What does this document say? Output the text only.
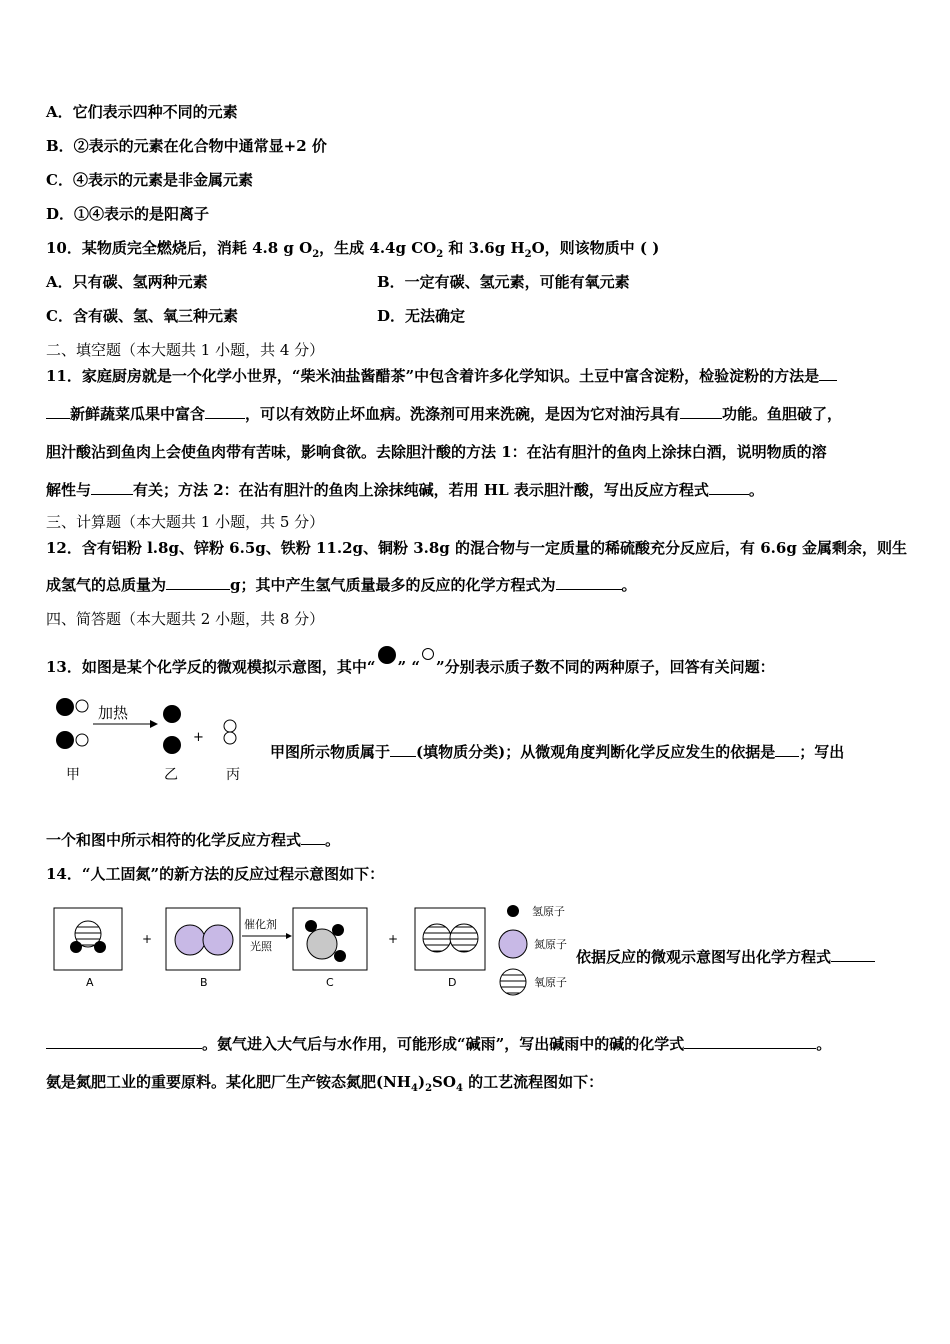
A．它们表示四种不同的元素
B．②表示的元素在化合物中通常显+2 价
C．④表示的元素是非金属元素
D．①④表示的是阳离子
10．某物质完全燃烧后，消耗 4.8 g $O_2$，生成 4.4g $CO_2$ 和 3.6g $H_2O$，则该物质中 ( )
A．只有碳、氢两种元素	B．一定有碳、氢元素，可能有氧元素
C．含有碳、氢、氧三种元素	D．无法确定
二、填空题（本大题共 1 小题，共 4 分）
11．家庭厨房就是一个化学小世界，“柴米油盐酱醋茶”中包含着许多化学知识。土豆中富含淀粉，检验淀粉的方法是
新鲜蔬菜瓜果中富含	，可以有效防止坏血病。洗涤剂可用来洗碗，是因为它对油污具有	功能。鱼胆破了，
胆汁酸沾到鱼肉上会使鱼肉带有苦味，影响食欲。去除胆汁酸的方法 1：在沾有胆汁的鱼肉上涂抹白酒，说明物质的溶
解性与	有关；方法 2：在沾有胆汁的鱼肉上涂抹纯碱，若用 HL 表示胆汁酸，写出反应方程式	。
三、计算题（本大题共 1 小题，共 5 分）
12．含有铝粉 l.8g、锌粉 6.5g、铁粉 11.2g、铜粉 3.8g 的混合物与一定质量的稀硫酸充分反应后，有 6.6g 金属剩余，则生
成氢气的总质量为	g；其中产生氢气质量最多的反应的化学方程式为	。
四、简答题（本大题共 2 小题，共 8 分）
13．如图是某个化学反的微观模拟示意图，其中“ ” “ ”分别表示质子数不同的两种原子，回答有关问题：
加热
+
甲	乙	丙
甲图所示物质属于 (填物质分类)；从微观角度判断化学反应发生的依据是 ；写出
一个和图中所示相符的化学反应方程式 。
14．“人工固氮”的新方法的反应过程示意图如下：
A
+
B
催化剂
光照
C
+
D
氢原子
氮原子
氧原子
依据反应的微观示意图写出化学方程式
。氨气进入大气后与水作用，可能形成“碱雨”，写出碱雨中的碱的化学式	。
氨是氮肥工业的重要原料。某化肥厂生产铵态氮肥$(NH_4)_2SO_4$ 的工艺流程图如下：
